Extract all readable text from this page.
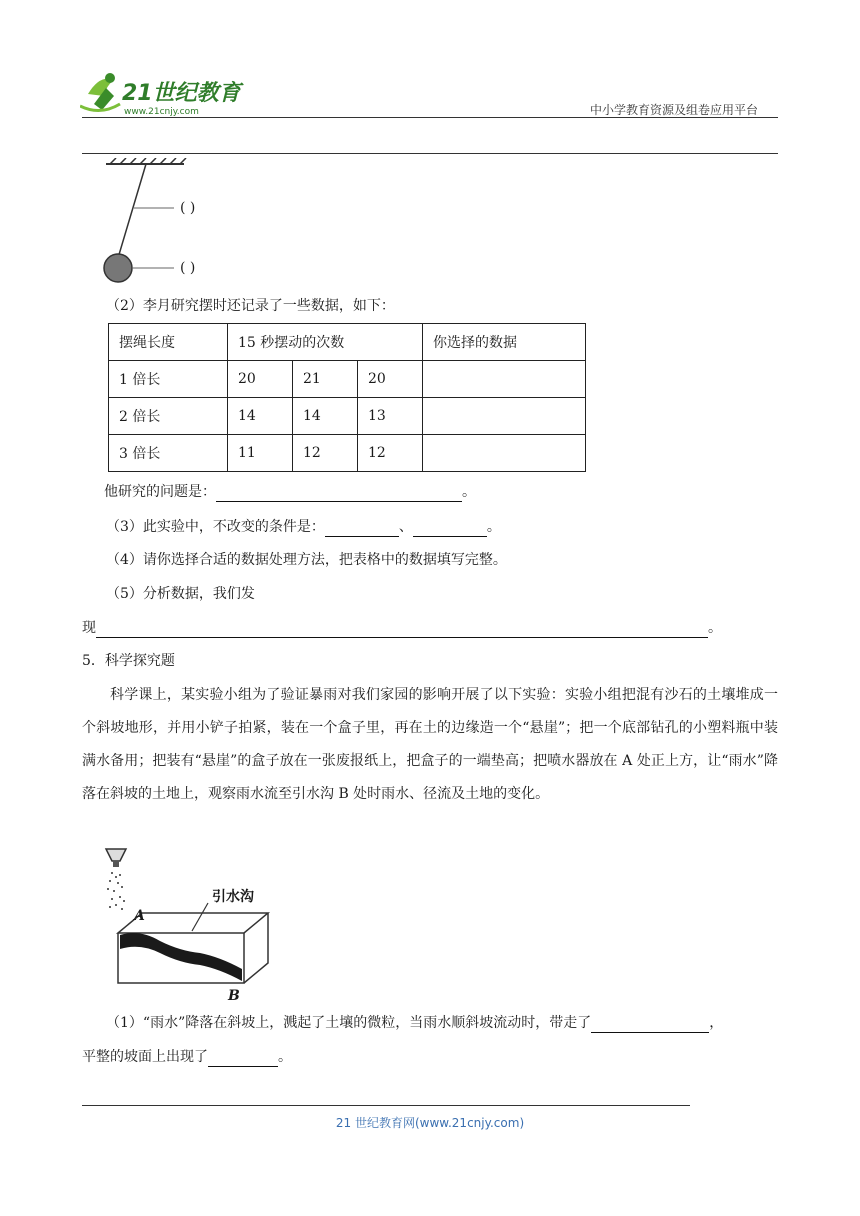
21世纪教育
www.21cnjy.com	中小学教育资源及组卷应用平台
( )
( )
（2）李月研究摆时还记录了一些数据，如下：
摆绳长度	15 秒摆动的次数			你选择的数据
1 倍长	20	21	20	
2 倍长	14	14	13	
3 倍长	11	12	12	
他研究的问题是：	。
（3）此实验中，不改变的条件是：	、	。
（4）请你选择合适的数据处理方法，把表格中的数据填写完整。
（5）分析数据，我们发
现	。
5．科学探究题
科学课上，某实验小组为了验证暴雨对我们家园的影响开展了以下实验：实验小组把混有沙石的土壤堆成一个斜坡地形，并用小铲子拍紧，装在一个盒子里，再在土的边缘造一个“悬崖”；把一个底部钻孔的小塑料瓶中装满水备用；把装有“悬崖”的盒子放在一张废报纸上，把盒子的一端垫高；把喷水器放在 A 处正上方，让“雨水”降落在斜坡的土地上，观察雨水流至引水沟 B 处时雨水、径流及土地的变化。
引水沟
A
B
（1）“雨水”降落在斜坡上，溅起了土壤的微粒，当雨水顺斜坡流动时，带走了	，
平整的坡面上出现了	。
21 世纪教育网(www.21cnjy.com)
